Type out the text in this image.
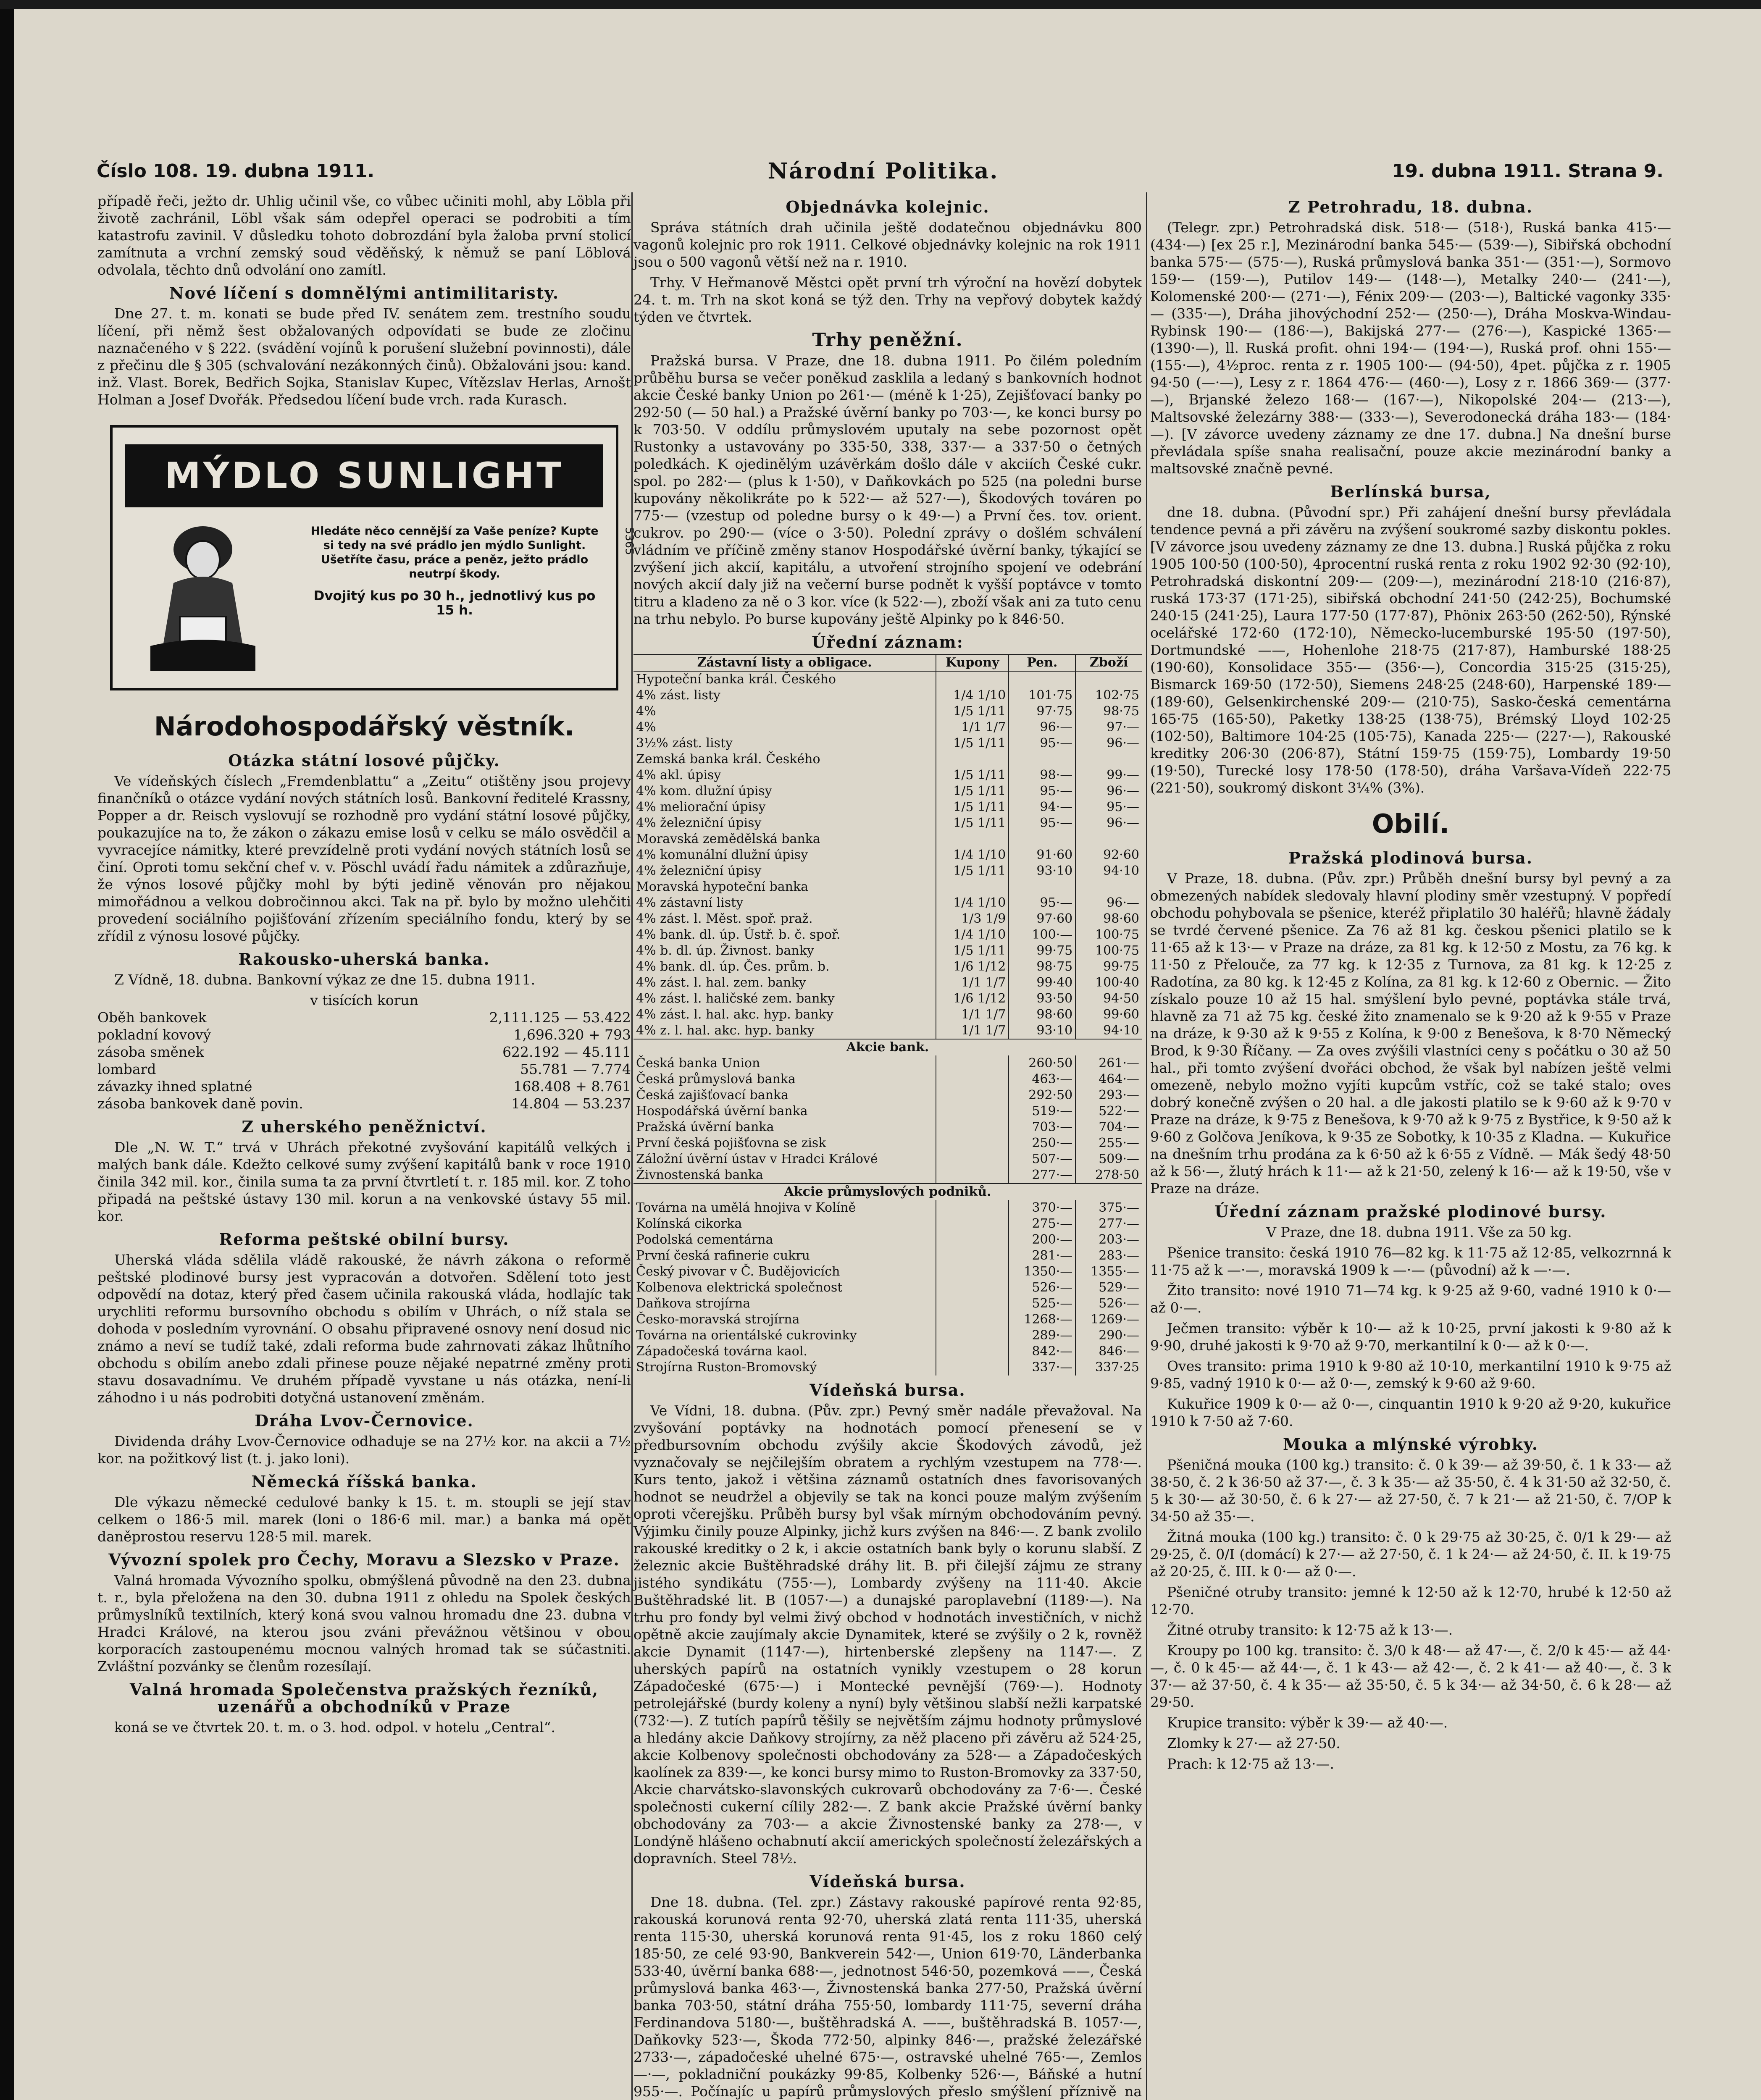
Číslo 108. 19. dubna 1911.	Národní Politika.	19. dubna 1911. Strana 9.

případě řeči, ježto dr. Uhlig učinil vše, co vůbec učiniti mohl, aby Löbla při životě zachránil, Löbl však sám odepřel operaci se podrobiti a tím katastrofu zavinil. V důsledku tohoto dobrozdání byla žaloba první stolicí zamítnuta a vrchní zemský soud věděňský, k němuž se paní Löblová odvolala, těchto dnů odvolání ono zamítl.

Nové líčení s domnělými antimilitaristy.

Dne 27. t. m. konati se bude před IV. senátem zem. trestního soudu líčení, při němž šest obžalovaných odpovídati se bude ze zločinu naznačeného v § 222. (svádění vojínů k porušení služební povinnosti), dále z přečinu dle § 305 (schvalování nezákonných činů). Obžalováni jsou: kand. inž. Vlast. Borek, Bedřich Sojka, Stanislav Kupec, Vítězslav Herlas, Arnošt Holman a Josef Dvořák. Předsedou líčení bude vrch. rada Kurasch.

MÝDLO SUNLIGHT
Hledáte něco cennější za Vaše peníze? Kupte si tedy na své prádlo jen mýdlo Sunlight. Ušetříte času, práce a peněz, ježto prádlo neutrpí škody.
Dvojitý kus po 30 h., jednotlivý kus po 15 h.
5365
Národohospodářský věstník.
Otázka státní losové půjčky.

Ve vídeňských číslech „Fremdenblattu“ a „Zeitu“ otištěny jsou projevy finančníků o otázce vydání nových státních losů. Bankovní ředitelé Krassny, Popper a dr. Reisch vyslovují se rozhodně pro vydání státní losové půjčky, poukazujíce na to, že zákon o zákazu emise losů v celku se málo osvědčil a vyvracejíce námitky, které prevzídelně proti vydání nových státních losů se činí. Oproti tomu sekční chef v. v. Pöschl uvádí řadu námitek a zdůrazňuje, že výnos losové půjčky mohl by býti jedině věnován pro nějakou mimořádnou a velkou dobročinnou akci. Tak na př. bylo by možno ulehčiti provedení sociálního pojišťování zřízením speciálního fondu, který by se zřídil z výnosu losové půjčky.

Rakousko-uherská banka.

Z Vídně, 18. dubna. Bankovní výkaz ze dne 15. dubna 1911.

v tisících korun
Oběh bankovek	2,111.125 — 53.422
pokladní kovový	1,696.320 + 793
zásoba směnek	622.192 — 45.111
lombard	55.781 — 7.774
závazky ihned splatné	168.408 + 8.761
zásoba bankovek daně povin.	14.804 — 53.237
Z uherského peněžnictví.

Dle „N. W. T.“ trvá v Uhrách překotné zvyšování kapitálů velkých i malých bank dále. Kdežto celkové sumy zvýšení kapitálů bank v roce 1910 činila 342 mil. kor., činila suma ta za první čtvrtletí t. r. 185 mil. kor. Z toho připadá na peštské ústavy 130 mil. korun a na venkovské ústavy 55 mil. kor.

Reforma peštské obilní bursy.

Uherská vláda sdělila vládě rakouské, že návrh zákona o reformě peštské plodinové bursy jest vypracován a dotvořen. Sdělení toto jest odpovědí na dotaz, který před časem učinila rakouská vláda, hodlajíc tak urychliti reformu bursovního obchodu s obilím v Uhrách, o níž stala se dohoda v posledním vyrovnání. O obsahu připravené osnovy není dosud nic známo a neví se tudíž také, zdali reforma bude zahrnovati zákaz lhůtního obchodu s obilím anebo zdali přinese pouze nějaké nepatrné změny proti stavu dosavadnímu. Ve druhém případě vyvstane u nás otázka, není-li záhodno i u nás podrobiti dotyčná ustanovení změnám.

Dráha Lvov-Černovice.

Dividenda dráhy Lvov-Černovice odhaduje se na 27½ kor. na akcii a 7½ kor. na požitkový list (t. j. jako loni).

Německá říšská banka.

Dle výkazu německé cedulové banky k 15. t. m. stoupli se její stav celkem o 186·5 mil. marek (loni o 186·6 mil. mar.) a banka má opět daněprostou reservu 128·5 mil. marek.

Vývozní spolek pro Čechy, Moravu a Slezsko v Praze.

Valná hromada Vývozního spolku, obmýšlená původně na den 23. dubna t. r., byla přeložena na den 30. dubna 1911 z ohledu na Spolek českých průmyslníků textilních, který koná svou valnou hromadu dne 23. dubna v Hradci Králové, na kterou jsou zváni převážnou většinou v obou korporacích zastoupenému mocnou valných hromad tak se súčastniti. Zvláštní pozvánky se členům rozesílají.

Valná hromada Společenstva pražských řezníků, uzenářů a obchodníků v Praze

koná se ve čtvrtek 20. t. m. o 3. hod. odpol. v hotelu „Central“.

Objednávka kolejnic.

Správa státních drah učinila ještě dodatečnou objednávku 800 vagonů kolejnic pro rok 1911. Celkové objednávky kolejnic na rok 1911 jsou o 500 vagonů větší než na r. 1910.

Trhy. V Heřmanově Městci opět první trh výroční na hovězí dobytek 24. t. m. Trh na skot koná se týž den. Trhy na vepřový dobytek každý týden ve čtvrtek.

Trhy peněžní.

Pražská bursa. V Praze, dne 18. dubna 1911. Po čilém poledním průběhu bursa se večer poněkud zasklila a ledaný s bankovních hodnot akcie České banky Union po 261·— (méně k 1·25), Zejišťovací banky po 292·50 (— 50 hal.) a Pražské úvěrní banky po 703·—, ke konci bursy po k 703·50. V oddílu průmyslovém uputaly na sebe pozornost opět Rustonky a ustavovány po 335·50, 338, 337·— a 337·50 o četných poledkách. K ojedinělým uzávěrkám došlo dále v akciích České cukr. spol. po 282·— (plus k 1·50), v Daňkovkách po 525 (na poledni burse kupovány několikráte po k 522·— až 527·—), Škodových továren po 775·— (vzestup od poledne bursy o k 49·—) a První čes. tov. orient. cukrov. po 290·— (více o 3·50). Polední zprávy o došlém schválení vládním ve příčině změny stanov Hospodářské úvěrní banky, týkající se zvýšení jich akcií, kapitálu, a utvoření strojního spojení ve odebrání nových akcií daly již na večerní burse podnět k vyšší poptávce v tomto titru a kladeno za ně o 3 kor. více (k 522·—), zboží však ani za tuto cenu na trhu nebylo. Po burse kupovány ještě Alpinky po k 846·50.

Úřední záznam:
Zástavní listy a obligace.	Kupony	Pen.	Zboží
Hypoteční banka král. Českého			
4% zást. listy	1/4 1/10	101·75	102·75
4%	1/5 1/11	97·75	98·75
4%	1/1 1/7	96·—	97·—
3½% zást. listy	1/5 1/11	95·—	96·—
Zemská banka král. Českého			
4% akl. úpisy	1/5 1/11	98·—	99·—
4% kom. dlužní úpisy	1/5 1/11	95·—	96·—
4% meliorační úpisy	1/5 1/11	94·—	95·—
4% železniční úpisy	1/5 1/11	95·—	96·—
Moravská zemědělská banka			
4% komunální dlužní úpisy	1/4 1/10	91·60	92·60
4% železniční úpisy	1/5 1/11	93·10	94·10
Moravská hypoteční banka			
4% zástavní listy	1/4 1/10	95·—	96·—
4% zást. l. Měst. spoř. praž.	1/3 1/9	97·60	98·60
4% bank. dl. úp. Ústř. b. č. spoř.	1/4 1/10	100·—	100·75
4% b. dl. úp. Živnost. banky	1/5 1/11	99·75	100·75
4% bank. dl. úp. Čes. prům. b.	1/6 1/12	98·75	99·75
4% zást. l. hal. zem. banky	1/1 1/7	99·40	100·40
4% zást. l. haličské zem. banky	1/6 1/12	93·50	94·50
4% zást. l. hal. akc. hyp. banky	1/1 1/7	98·60	99·60
4% z. l. hal. akc. hyp. banky	1/1 1/7	93·10	94·10
Akcie bank.			
Česká banka Union		260·50	261·—
Česká průmyslová banka		463·—	464·—
Česká zajišťovací banka		292·50	293·—
Hospodářská úvěrní banka		519·—	522·—
Pražská úvěrní banka		703·—	704·—
První česká pojišťovna se zisk		250·—	255·—
Záložní úvěrní ústav v Hradci Králové		507·—	509·—
Živnostenská banka		277·—	278·50
Akcie průmyslových podniků.			
Továrna na umělá hnojiva v Kolíně		370·—	375·—
Kolínská cikorka		275·—	277·—
Podolská cementárna		200·—	203·—
První česká rafinerie cukru		281·—	283·—
Český pivovar v Č. Budějovicích		1350·—	1355·—
Kolbenova elektrická společnost		526·—	529·—
Daňkova strojírna		525·—	526·—
Česko-moravská strojírna		1268·—	1269·—
Továrna na orientálské cukrovinky		289·—	290·—
Západočeská továrna kaol.		842·—	846·—
Strojírna Ruston-Bromovský		337·—	337·25
Vídeňská bursa.

Ve Vídni, 18. dubna. (Pův. zpr.) Pevný směr nadále převažoval. Na zvyšování poptávky na hodnotách pomocí přenesení se v předbursovním obchodu zvýšily akcie Škodových závodů, jež vyznačovaly se nejčilejším obratem a rychlým vzestupem na 778·—. Kurs tento, jakož i většina záznamů ostatních dnes favorisovaných hodnot se neudržel a objevily se tak na konci pouze malým zvýšením oproti včerejšku. Průběh bursy byl však mírným obchodováním pevný. Výjimku činily pouze Alpinky, jichž kurs zvýšen na 846·—. Z bank zvolilo rakouské kreditky o 2 k, i akcie ostatních bank byly o korunu slabší. Z železnic akcie Buštěhradské dráhy lit. B. při čilejší zájmu ze strany jistého syndikátu (755·—), Lombardy zvýšeny na 111·40. Akcie Buštěhradské lit. B (1057·—) a dunajské paroplavební (1189·—). Na trhu pro fondy byl velmi živý obchod v hodnotách investičních, v nichž opětně akcie zaujímaly akcie Dynamitek, které se zvýšily o 2 k, rovněž akcie Dynamit (1147·—), hirtenberské zlepšeny na 1147·—. Z uherských papírů na ostatních vynikly vzestupem o 28 korun Západočeské (675·—) i Montecké pevnější (769·—). Hodnoty petrolejářské (burdy koleny a nyní) byly většinou slabší nežli karpatské (732·—). Z tutích papírů těšily se největším zájmu hodnoty průmyslové a hledány akcie Daňkovy strojírny, za něž placeno při závěru až 524·25, akcie Kolbenovy společnosti obchodovány za 528·— a Západočeských kaolínek za 839·—, ke konci bursy mimo to Ruston-Bromovky za 337·50, Akcie charvátsko-slavonských cukrovarů obchodovány za 7·6·—. České společnosti cukerní cílily 282·—. Z bank akcie Pražské úvěrní banky obchodovány za 703·— a akcie Živnostenské banky za 278·—, v Londýně hlášeno ochabnutí akcií amerických společností železářských a dopravních. Steel 78½.

Vídeňská bursa.

Dne 18. dubna. (Tel. zpr.) Zástavy rakouské papírové renta 92·85, rakouská korunová renta 92·70, uherská zlatá renta 111·35, uherská renta 115·30, uherská korunová renta 91·45, los z roku 1860 celý 185·50, ze celé 93·90, Bankverein 542·—, Union 619·70, Länderbanka 533·40, úvěrní banka 688·—, jednotnost 546·50, pozemková ——, Česká průmyslová banka 463·—, Živnostenská banka 277·50, Pražská úvěrní banka 703·50, státní dráha 755·50, lombardy 111·75, severní dráha Ferdinandova 5180·—, buštěhradská A. ——, buštěhradská B. 1057·—, Daňkovky 523·—, Škoda 772·50, alpinky 846·—, pražské železářské 2733·—, západočeské uhelné 675·—, ostravské uhelné 765·—, Zemlos —·—, pokladniční poukázky 99·85, Kolbenky 526·—, Báňské a hutní 955·—. Počínajíc u papírů průmyslových přeslo smýšlení příznivě na

Z Petrohradu, 18. dubna.

(Telegr. zpr.) Petrohradská disk. 518·— (518·), Ruská banka 415·— (434·—) [ex 25 r.], Mezinárodní banka 545·— (539·—), Sibiřská obchodní banka 575·— (575·—), Ruská průmyslová banka 351·— (351·—), Sormovo 159·— (159·—), Putilov 149·— (148·—), Metalky 240·— (241·—), Kolomenské 200·— (271·—), Fénix 209·— (203·—), Baltické vagonky 335·— (335·—), Dráha jihovýchodní 252·— (250·—), Dráha Moskva-Windau-Rybinsk 190·— (186·—), Bakijská 277·— (276·—), Kaspické 1365·— (1390·—), ll. Ruská profit. ohni 194·— (194·—), Ruská prof. ohni 155·— (155·—), 4½proc. renta z r. 1905 100·— (94·50), 4pet. půjčka z r. 1905 94·50 (—·—), Lesy z r. 1864 476·— (460·—), Losy z r. 1866 369·— (377·—), Brjanské železo 168·— (167·—), Nikopolské 204·— (213·—), Maltsovské železárny 388·— (333·—), Severodonecká dráha 183·— (184·—). [V závorce uvedeny záznamy ze dne 17. dubna.] Na dnešní burse převládala spíše snaha realisační, pouze akcie mezinárodní banky a maltsovské značně pevné.

Berlínská bursa,

dne 18. dubna. (Původní spr.) Při zahájení dnešní bursy převládala tendence pevná a při závěru na zvýšení soukromé sazby diskontu pokles. [V závorce jsou uvedeny záznamy ze dne 13. dubna.] Ruská půjčka z roku 1905 100·50 (100·50), 4procentní ruská renta z roku 1902 92·30 (92·10), Petrohradská diskontní 209·— (209·—), mezinárodní 218·10 (216·87), ruská 173·37 (171·25), sibiřská obchodní 241·50 (242·25), Bochumské 240·15 (241·25), Laura 177·50 (177·87), Phönix 263·50 (262·50), Rýnské ocelářské 172·60 (172·10), Německo-lucemburské 195·50 (197·50), Dortmundské ——, Hohenlohe 218·75 (217·87), Hamburské 188·25 (190·60), Konsolidace 355·— (356·—), Concordia 315·25 (315·25), Bismarck 169·50 (172·50), Siemens 248·25 (248·60), Harpenské 189·— (189·60), Gelsenkirchenské 209·— (210·75), Sasko-česká cementárna 165·75 (165·50), Paketky 138·25 (138·75), Brémský Lloyd 102·25 (102·50), Baltimore 104·25 (105·75), Kanada 225·— (227·—), Rakouské kreditky 206·30 (206·87), Státní 159·75 (159·75), Lombardy 19·50 (19·50), Turecké losy 178·50 (178·50), dráha Varšava-Vídeň 222·75 (221·50), soukromý diskont 3¼% (3%).

Obilí.
Pražská plodinová bursa.

V Praze, 18. dubna. (Pův. zpr.) Průběh dnešní bursy byl pevný a za obmezených nabídek sledovaly hlavní plodiny směr vzestupný. V popředí obchodu pohybovala se pšenice, kteréž připlatilo 30 haléřů; hlavně žádaly se tvrdé červené pšenice. Za 76 až 81 kg. českou pšenici platilo se k 11·65 až k 13·— v Praze na dráze, za 81 kg. k 12·50 z Mostu, za 76 kg. k 11·50 z Přelouče, za 77 kg. k 12·35 z Turnova, za 81 kg. k 12·25 z Radotína, za 80 kg. k 12·45 z Kolína, za 81 kg. k 12·60 z Obernic. — Žito získalo pouze 10 až 15 hal. smýšlení bylo pevné, poptávka stále trvá, hlavně za 71 až 75 kg. české žito znamenalo se k 9·20 až k 9·55 v Praze na dráze, k 9·30 až k 9·55 z Kolína, k 9·00 z Benešova, k 8·70 Německý Brod, k 9·30 Říčany. — Za oves zvýšili vlastníci ceny s počátku o 30 až 50 hal., při tomto zvýšení dvořáci obchod, že však byl nabízen ještě velmi omezeně, nebylo možno vyjíti kupcům vstříc, což se také stalo; oves dobrý konečně zvýšen o 20 hal. a dle jakosti platilo se k 9·60 až k 9·70 v Praze na dráze, k 9·75 z Benešova, k 9·70 až k 9·75 z Bystřice, k 9·50 až k 9·60 z Golčova Jeníkova, k 9·35 ze Sobotky, k 10·35 z Kladna. — Kukuřice na dnešním trhu prodána za k 6·50 až k 6·55 z Vídně. — Mák šedý 48·50 až k 56·—, žlutý hrách k 11·— až k 21·50, zelený k 16·— až k 19·50, vše v Praze na dráze.

Úřední záznam pražské plodinové bursy.

V Praze, dne 18. dubna 1911. Vše za 50 kg.

Pšenice transito: česká 1910 76—82 kg. k 11·75 až 12·85, velkozrnná k 11·75 až k —·—, moravská 1909 k —·— (původní) až k —·—.

Žito transito: nové 1910 71—74 kg. k 9·25 až 9·60, vadné 1910 k 0·— až 0·—.

Ječmen transito: výběr k 10·— až k 10·25, první jakosti k 9·80 až k 9·90, druhé jakosti k 9·70 až 9·70, merkantilní k 0·— až k 0·—.

Oves transito: prima 1910 k 9·80 až 10·10, merkantilní 1910 k 9·75 až 9·85, vadný 1910 k 0·— až 0·—, zemský k 9·60 až 9·60.

Kukuřice 1909 k 0·— až 0·—, cinquantin 1910 k 9·20 až 9·20, kukuřice 1910 k 7·50 až 7·60.

Mouka a mlýnské výrobky.

Pšeničná mouka (100 kg.) transito: č. 0 k 39·— až 39·50, č. 1 k 33·— až 38·50, č. 2 k 36·50 až 37·—, č. 3 k 35·— až 35·50, č. 4 k 31·50 až 32·50, č. 5 k 30·— až 30·50, č. 6 k 27·— až 27·50, č. 7 k 21·— až 21·50, č. 7/OP k 34·50 až 35·—.

Žitná mouka (100 kg.) transito: č. 0 k 29·75 až 30·25, č. 0/1 k 29·— až 29·25, č. 0/I (domácí) k 27·— až 27·50, č. 1 k 24·— až 24·50, č. II. k 19·75 až 20·25, č. III. k 0·— až 0·—.

Pšeničné otruby transito: jemné k 12·50 až k 12·70, hrubé k 12·50 až 12·70.

Žitné otruby transito: k 12·75 až k 13·—.

Kroupy po 100 kg. transito: č. 3/0 k 48·— až 47·—, č. 2/0 k 45·— až 44·—, č. 0 k 45·— až 44·—, č. 1 k 43·— až 42·—, č. 2 k 41·— až 40·—, č. 3 k 37·— až 37·50, č. 4 k 35·— až 35·50, č. 5 k 34·— až 34·50, č. 6 k 28·— až 29·50.

Krupice transito: výběr k 39·— až 40·—.

Zlomky k 27·— až 27·50.

Prach: k 12·75 až 13·—.
